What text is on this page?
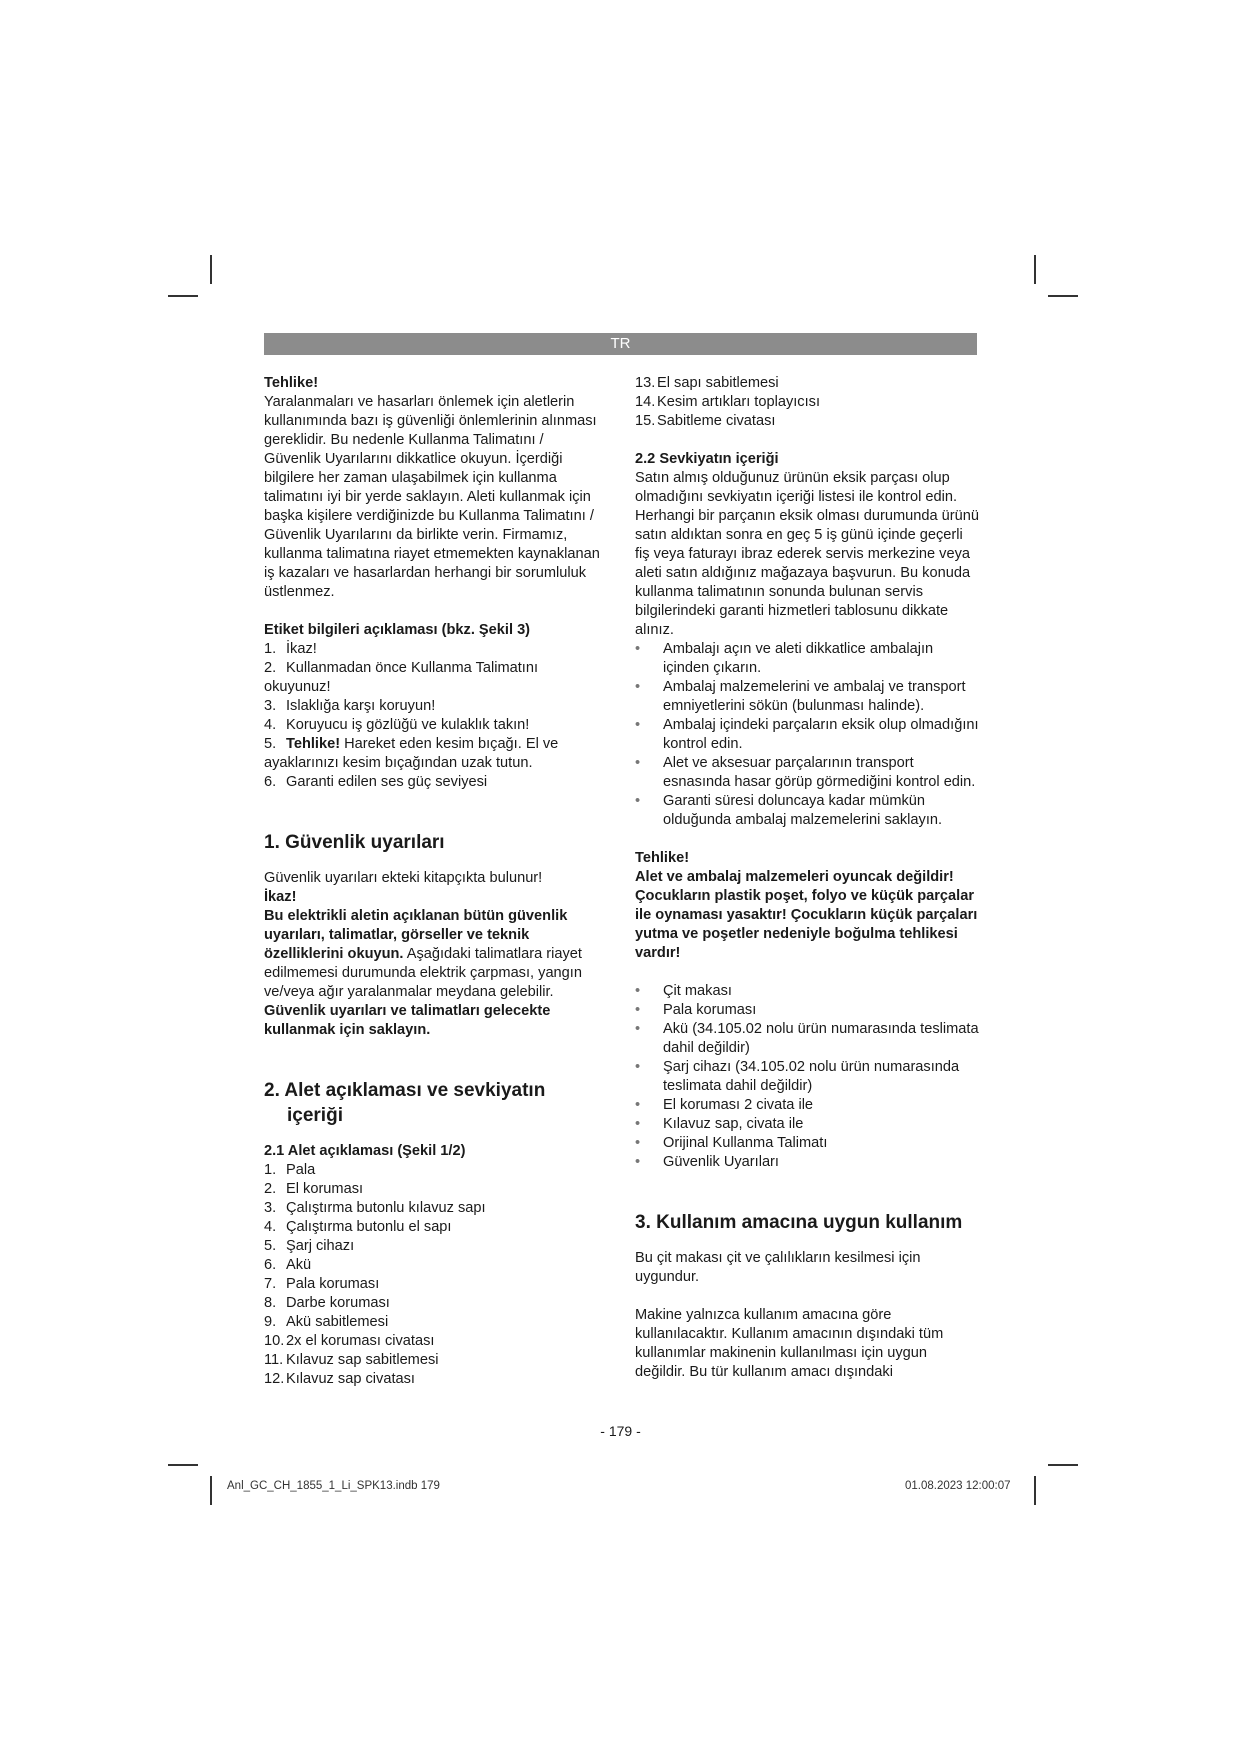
TR

Tehlike!

Yaralanmaları ve hasarları önlemek için aletlerin kullanımında bazı iş güvenliği önlemlerinin alınması gereklidir. Bu nedenle Kullanma Talimatını / Güvenlik Uyarılarını dikkatlice okuyun. İçerdiği bilgilere her zaman ulaşabilmek için kullanma talimatını iyi bir yerde saklayın. Aleti kullanmak için başka kişilere verdiğinizde bu Kullanma Talimatını / Güvenlik Uyarılarını da birlikte verin. Firmamız, kullanma talimatına riayet etmemekten kaynaklanan iş kazaları ve hasarlardan herhangi bir sorumluluk üstlenmez.

Etiket bilgileri açıklaması (bkz. Şekil 3)
1. İkaz!
2. Kullanmadan önce Kullanma Talimatını okuyunuz!
3. Islaklığa karşı koruyun!
4. Koruyucu iş gözlüğü ve kulaklık takın!
5. Tehlike! Hareket eden kesim bıçağı. El ve ayaklarınızı kesim bıçağından uzak tutun.
6. Garanti edilen ses güç seviyesi
1. Güvenlik uyarıları

Güvenlik uyarıları ekteki kitapçıkta bulunur!

İkaz!

Bu elektrikli aletin açıklanan bütün güvenlik uyarıları, talimatlar, görseller ve teknik özelliklerini okuyun. Aşağıdaki talimatlara riayet edilmemesi durumunda elektrik çarpması, yangın ve/veya ağır yaralanmalar meydana gelebilir.

Güvenlik uyarıları ve talimatları gelecekte kullanmak için saklayın.

2. Alet açıklaması ve sevkiyatın
içeriği
2.1 Alet açıklaması (Şekil 1/2)
1. Pala
2. El koruması
3. Çalıştırma butonlu kılavuz sapı
4. Çalıştırma butonlu el sapı
5. Şarj cihazı
6. Akü
7. Pala koruması
8. Darbe koruması
9. Akü sabitlemesi
10. 2x el koruması civatası
11. Kılavuz sap sabitlemesi
12. Kılavuz sap civatası
13. El sapı sabitlemesi
14. Kesim artıkları toplayıcısı
15. Sabitleme civatası
2.2 Sevkiyatın içeriği

Satın almış olduğunuz ürünün eksik parçası olup olmadığını sevkiyatın içeriği listesi ile kontrol edin. Herhangi bir parçanın eksik olması durumunda ürünü satın aldıktan sonra en geç 5 iş günü içinde geçerli fiş veya faturayı ibraz ederek servis merkezine veya aleti satın aldığınız mağazaya başvurun. Bu konuda kullanma talimatının sonunda bulunan servis bilgilerindeki garanti hizmetleri tablosunu dikkate alınız.

• Ambalajı açın ve aleti dikkatlice ambalajın içinden çıkarın.
• Ambalaj malzemelerini ve ambalaj ve transport emniyetlerini sökün (bulunması halinde).
• Ambalaj içindeki parçaların eksik olup olmadığını kontrol edin.
• Alet ve aksesuar parçalarının transport esnasında hasar görüp görmediğini kontrol edin.
• Garanti süresi doluncaya kadar mümkün olduğunda ambalaj malzemelerini saklayın.

Tehlike!

Alet ve ambalaj malzemeleri oyuncak değildir! Çocukların plastik poşet, folyo ve küçük parçalar ile oynaması yasaktır! Çocukların küçük parçaları yutma ve poşetler nedeniyle boğulma tehlikesi vardır!

• Çit makası
• Pala koruması
• Akü (34.105.02 nolu ürün numarasında teslimata dahil değildir)
• Şarj cihazı (34.105.02 nolu ürün numarasında teslimata dahil değildir)
• El koruması 2 civata ile
• Kılavuz sap, civata ile
• Orijinal Kullanma Talimatı
• Güvenlik Uyarıları
3. Kullanım amacına uygun kullanım

Bu çit makası çit ve çalılıkların kesilmesi için uygundur.

Makine yalnızca kullanım amacına göre kullanılacaktır. Kullanım amacının dışındaki tüm kullanımlar makinenin kullanılması için uygun değildir. Bu tür kullanım amacı dışındaki

- 179 -
Anl_GC_CH_1855_1_Li_SPK13.indb 179	01.08.2023 12:00:07
